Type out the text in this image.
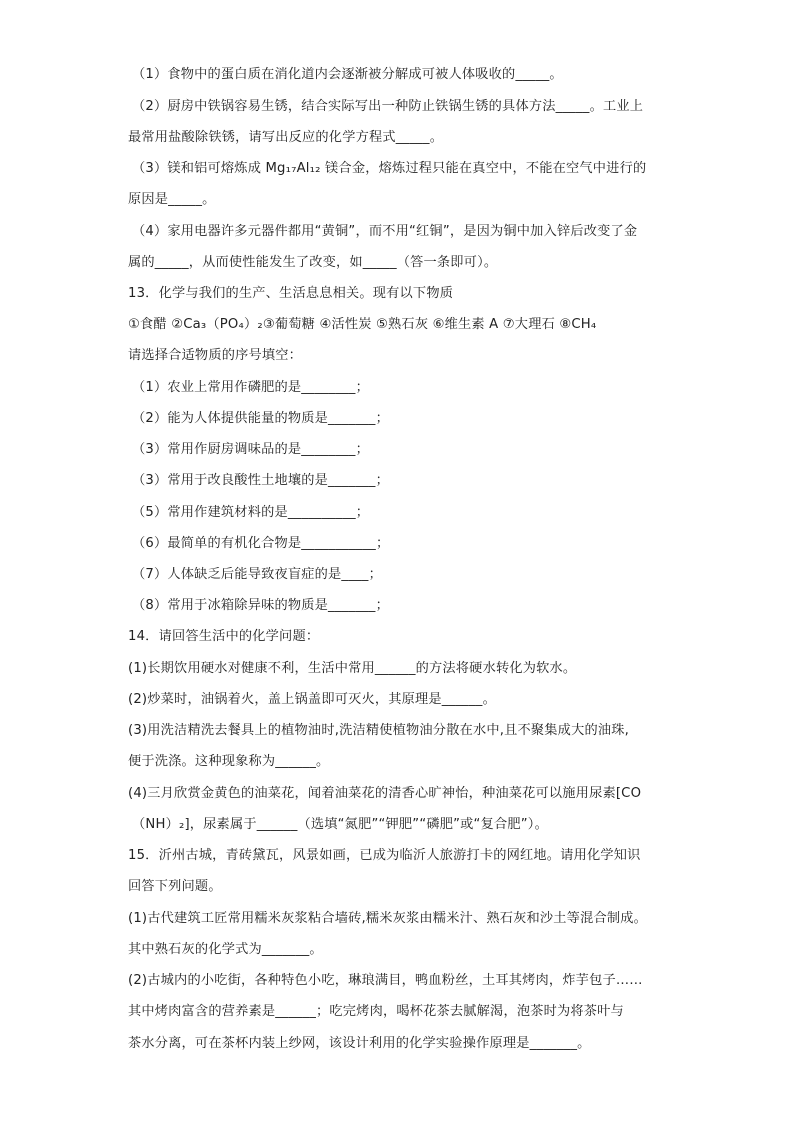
（1）食物中的蛋白质在消化道内会逐渐被分解成可被人体吸收的_____。
（2）厨房中铁锅容易生锈，结合实际写出一种防止铁锅生锈的具体方法_____。工业上
最常用盐酸除铁锈，请写出反应的化学方程式_____。
（3）镁和铝可熔炼成 Mg₁₇Al₁₂ 镁合金，熔炼过程只能在真空中，不能在空气中进行的
原因是_____。
（4）家用电器许多元器件都用“黄铜”，而不用“红铜”，是因为铜中加入锌后改变了金
属的_____，从而使性能发生了改变，如_____（答一条即可）。
13．化学与我们的生产、生活息息相关。现有以下物质
①食醋 ②Ca₃（PO₄）₂③葡萄糖 ④活性炭 ⑤熟石灰 ⑥维生素 A ⑦大理石 ⑧CH₄
请选择合适物质的序号填空：
（1）农业上常用作磷肥的是________；
（2）能为人体提供能量的物质是_______；
（3）常用作厨房调味品的是________；
（3）常用于改良酸性土地壤的是_______；
（5）常用作建筑材料的是__________；
（6）最简单的有机化合物是___________；
（7）人体缺乏后能导致夜盲症的是____；
（8）常用于冰箱除异味的物质是_______；
14．请回答生活中的化学问题：
(1)长期饮用硬水对健康不利，生活中常用______的方法将硬水转化为软水。
(2)炒菜时，油锅着火，盖上锅盖即可灭火，其原理是______。
(3)用洗洁精洗去餐具上的植物油时,洗洁精使植物油分散在水中,且不聚集成大的油珠,
便于洗涤。这种现象称为______。
(4)三月欣赏金黄色的油菜花，闻着油菜花的清香心旷神怡，种油菜花可以施用尿素[CO
（NH）₂]，尿素属于______（选填“氮肥”“钾肥”“磷肥”或“复合肥”）。
15．沂州古城，青砖黛瓦，风景如画，已成为临沂人旅游打卡的网红地。请用化学知识
回答下列问题。
(1)古代建筑工匠常用糯米灰浆粘合墙砖,糯米灰浆由糯米汁、熟石灰和沙土等混合制成。
其中熟石灰的化学式为_______。
(2)古城内的小吃街，各种特色小吃，琳琅满目，鸭血粉丝，土耳其烤肉，炸芋包子……
其中烤肉富含的营养素是______；吃完烤肉，喝杯花茶去腻解渴，泡茶时为将茶叶与
茶水分离，可在茶杯内装上纱网，该设计利用的化学实验操作原理是_______。
